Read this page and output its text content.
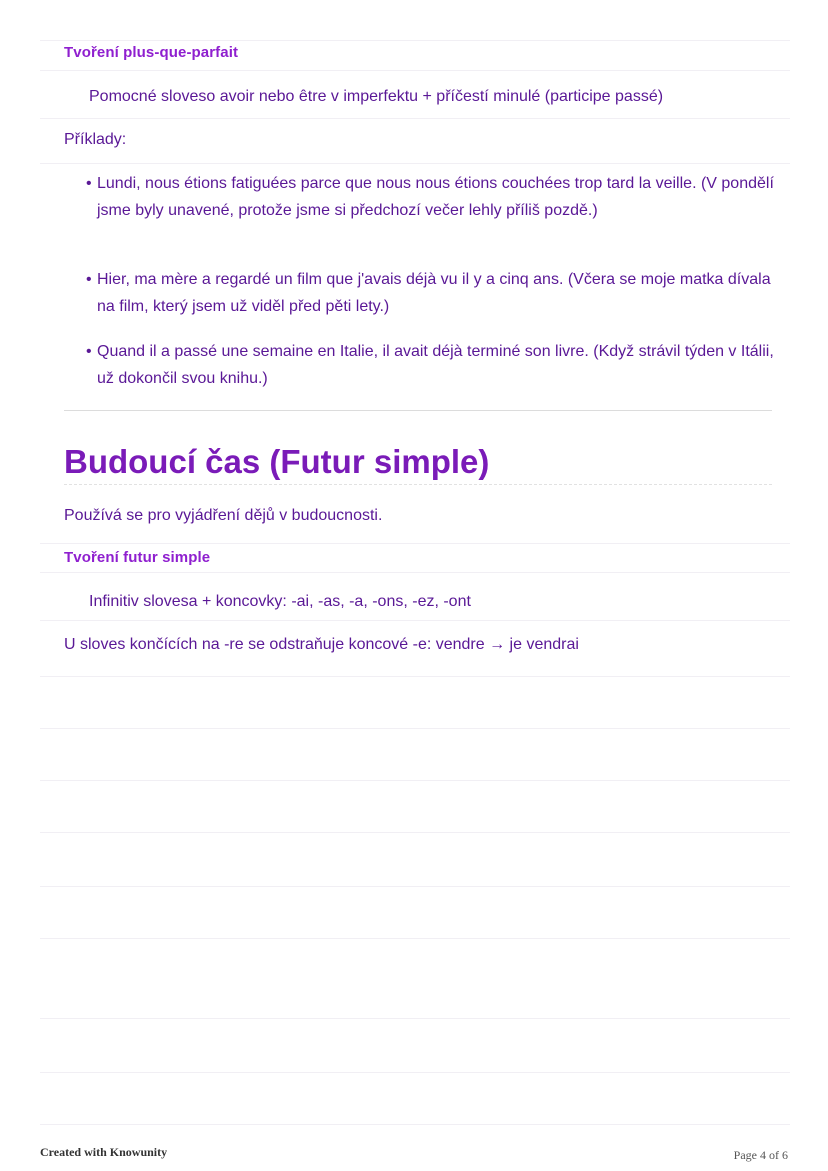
Tvoření plus-que-parfait
Pomocné sloveso avoir nebo être v imperfektu + příčestí minulé (participe passé)
Příklady:
• Lundi, nous étions fatiguées parce que nous nous étions couchées trop tard la veille. (V pondělí jsme byly unavené, protože jsme si předchozí večer lehly příliš pozdě.)
• Hier, ma mère a regardé un film que j'avais déjà vu il y a cinq ans. (Včera se moje matka dívala na film, který jsem už viděl před pěti lety.)
• Quand il a passé une semaine en Italie, il avait déjà terminé son livre. (Když strávil týden v Itálii, už dokončil svou knihu.)
Budoucí čas (Futur simple)
Používá se pro vyjádření dějů v budoucnosti.
Tvoření futur simple
Infinitiv slovesa + koncovky: -ai, -as, -a, -ons, -ez, -ont
U sloves končících na -re se odstraňuje koncové -e: vendre → je vendrai
Created with Knowunity	Page 4 of 6
